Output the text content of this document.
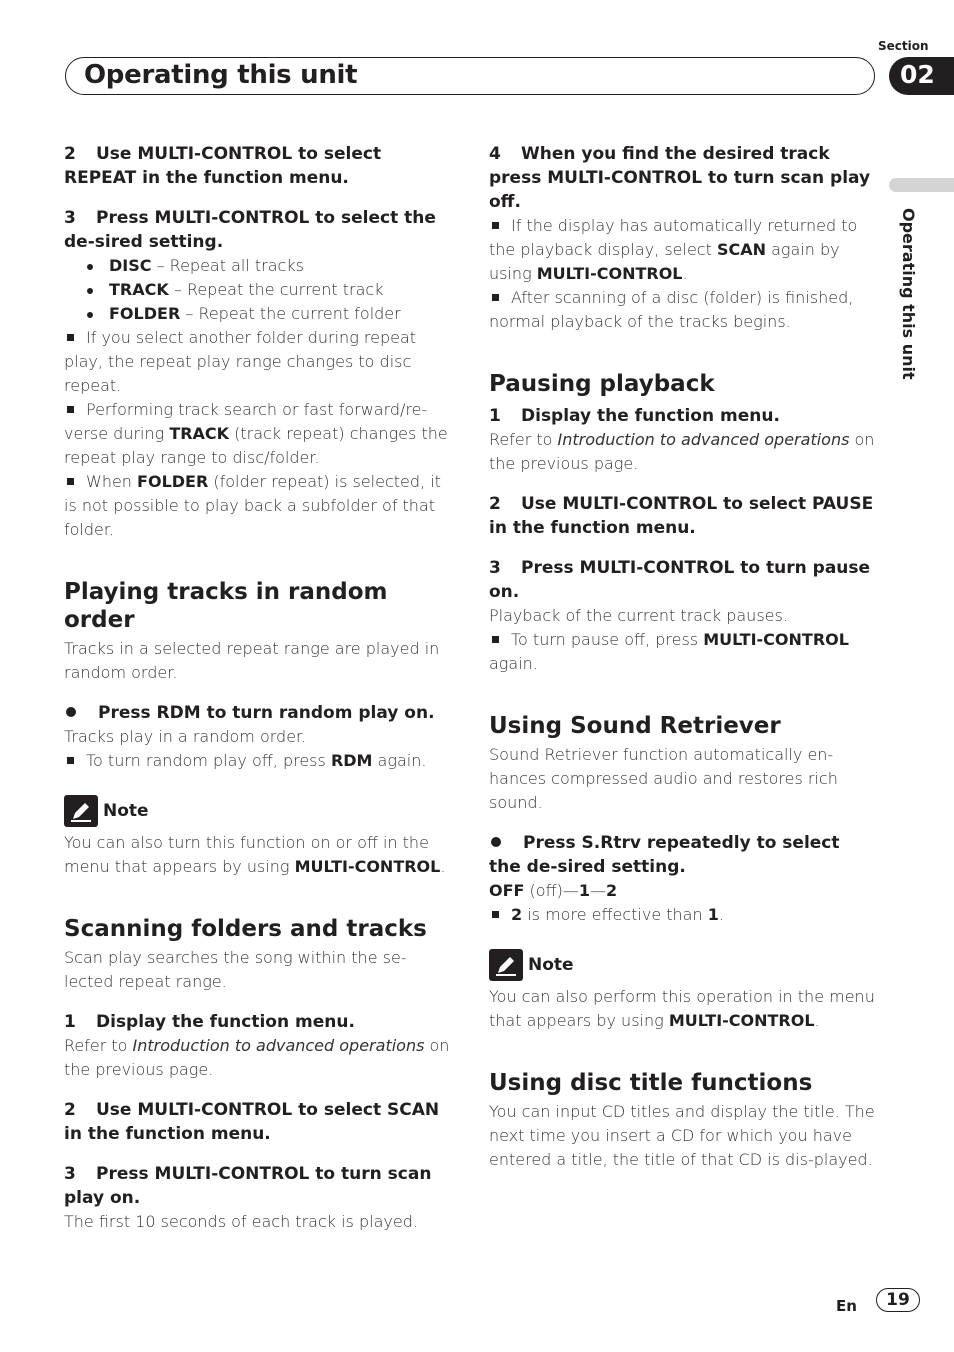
Section
Operating this unit	02
Operating this unit

2 Use MULTI-CONTROL to select REPEAT in the function menu.

3 Press MULTI-CONTROL to select the de-sired setting.

DISC – Repeat all tracks
TRACK – Repeat the current track
FOLDER – Repeat the current folder

If you select another folder during repeat play, the repeat play range changes to disc repeat.

Performing track search or fast forward/re-verse during TRACK (track repeat) changes the repeat play range to disc/folder.

When FOLDER (folder repeat) is selected, it is not possible to play back a subfolder of that folder.

Playing tracks in random order

Tracks in a selected repeat range are played in random order.

Press RDM to turn random play on.

Tracks play in a random order.

To turn random play off, press RDM again.

Note

You can also turn this function on or off in the menu that appears by using MULTI-CONTROL.

Scanning folders and tracks

Scan play searches the song within the se-lected repeat range.

1 Display the function menu.

Refer to Introduction to advanced operations on the previous page.

2 Use MULTI-CONTROL to select SCAN in the function menu.

3 Press MULTI-CONTROL to turn scan play on.

The first 10 seconds of each track is played.

4 When you find the desired track press MULTI-CONTROL to turn scan play off.

If the display has automatically returned to the playback display, select SCAN again by using MULTI-CONTROL.

After scanning of a disc (folder) is finished, normal playback of the tracks begins.

Pausing playback

1 Display the function menu.

Refer to Introduction to advanced operations on the previous page.

2 Use MULTI-CONTROL to select PAUSE in the function menu.

3 Press MULTI-CONTROL to turn pause on.

Playback of the current track pauses.

To turn pause off, press MULTI-CONTROL again.

Using Sound Retriever

Sound Retriever function automatically en-hances compressed audio and restores rich sound.

Press S.Rtrv repeatedly to select the de-sired setting.

OFF (off)—1—2

2 is more effective than 1.

Note

You can also perform this operation in the menu that appears by using MULTI-CONTROL.

Using disc title functions

You can input CD titles and display the title. The next time you insert a CD for which you have entered a title, the title of that CD is dis-played.

En	19
